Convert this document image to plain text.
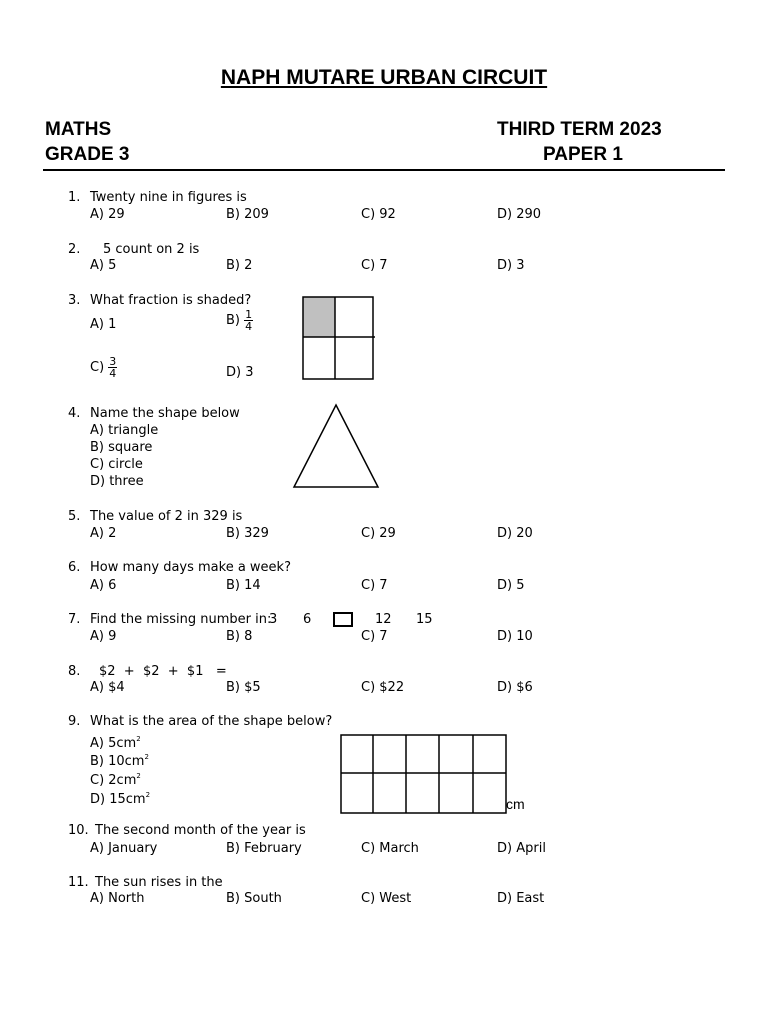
NAPH MUTARE URBAN CIRCUIT
MATHS
GRADE 3
THIRD TERM 2023
PAPER 1
1. Twenty nine in figures is
A) 29	B) 209	C) 92	D) 290
2. 5 count on 2 is
A) 5	B) 2	C) 7	D) 3
3. What fraction is shaded?
A) 1	$B) \frac{1}{4}$
$C) \frac{3}{4}$	D) 3
4. Name the shape below
A) triangle
B) square
C) circle
D) three
5. The value of 2 in 329 is
A) 2	B) 329	C) 29	D) 20
6. How many days make a week?
A) 6	B) 14	C) 7	D) 5
7. Find the missing number in:
3 6	12 15
A) 9	B) 8	C) 7	D) 10
8. $2  +  $2  +  $1   =
A) $4	B) $5	C) $22	D) $6
9. What is the area of the shape below?
A) $5cm^2$
B) $10cm^2$
C) $2cm^2$
D) $15cm^2$
cm
10. The second month of the year is
A) January	B) February	C) March	D) April
11. The sun rises in the
A) North	B) South	C) West	D) East
